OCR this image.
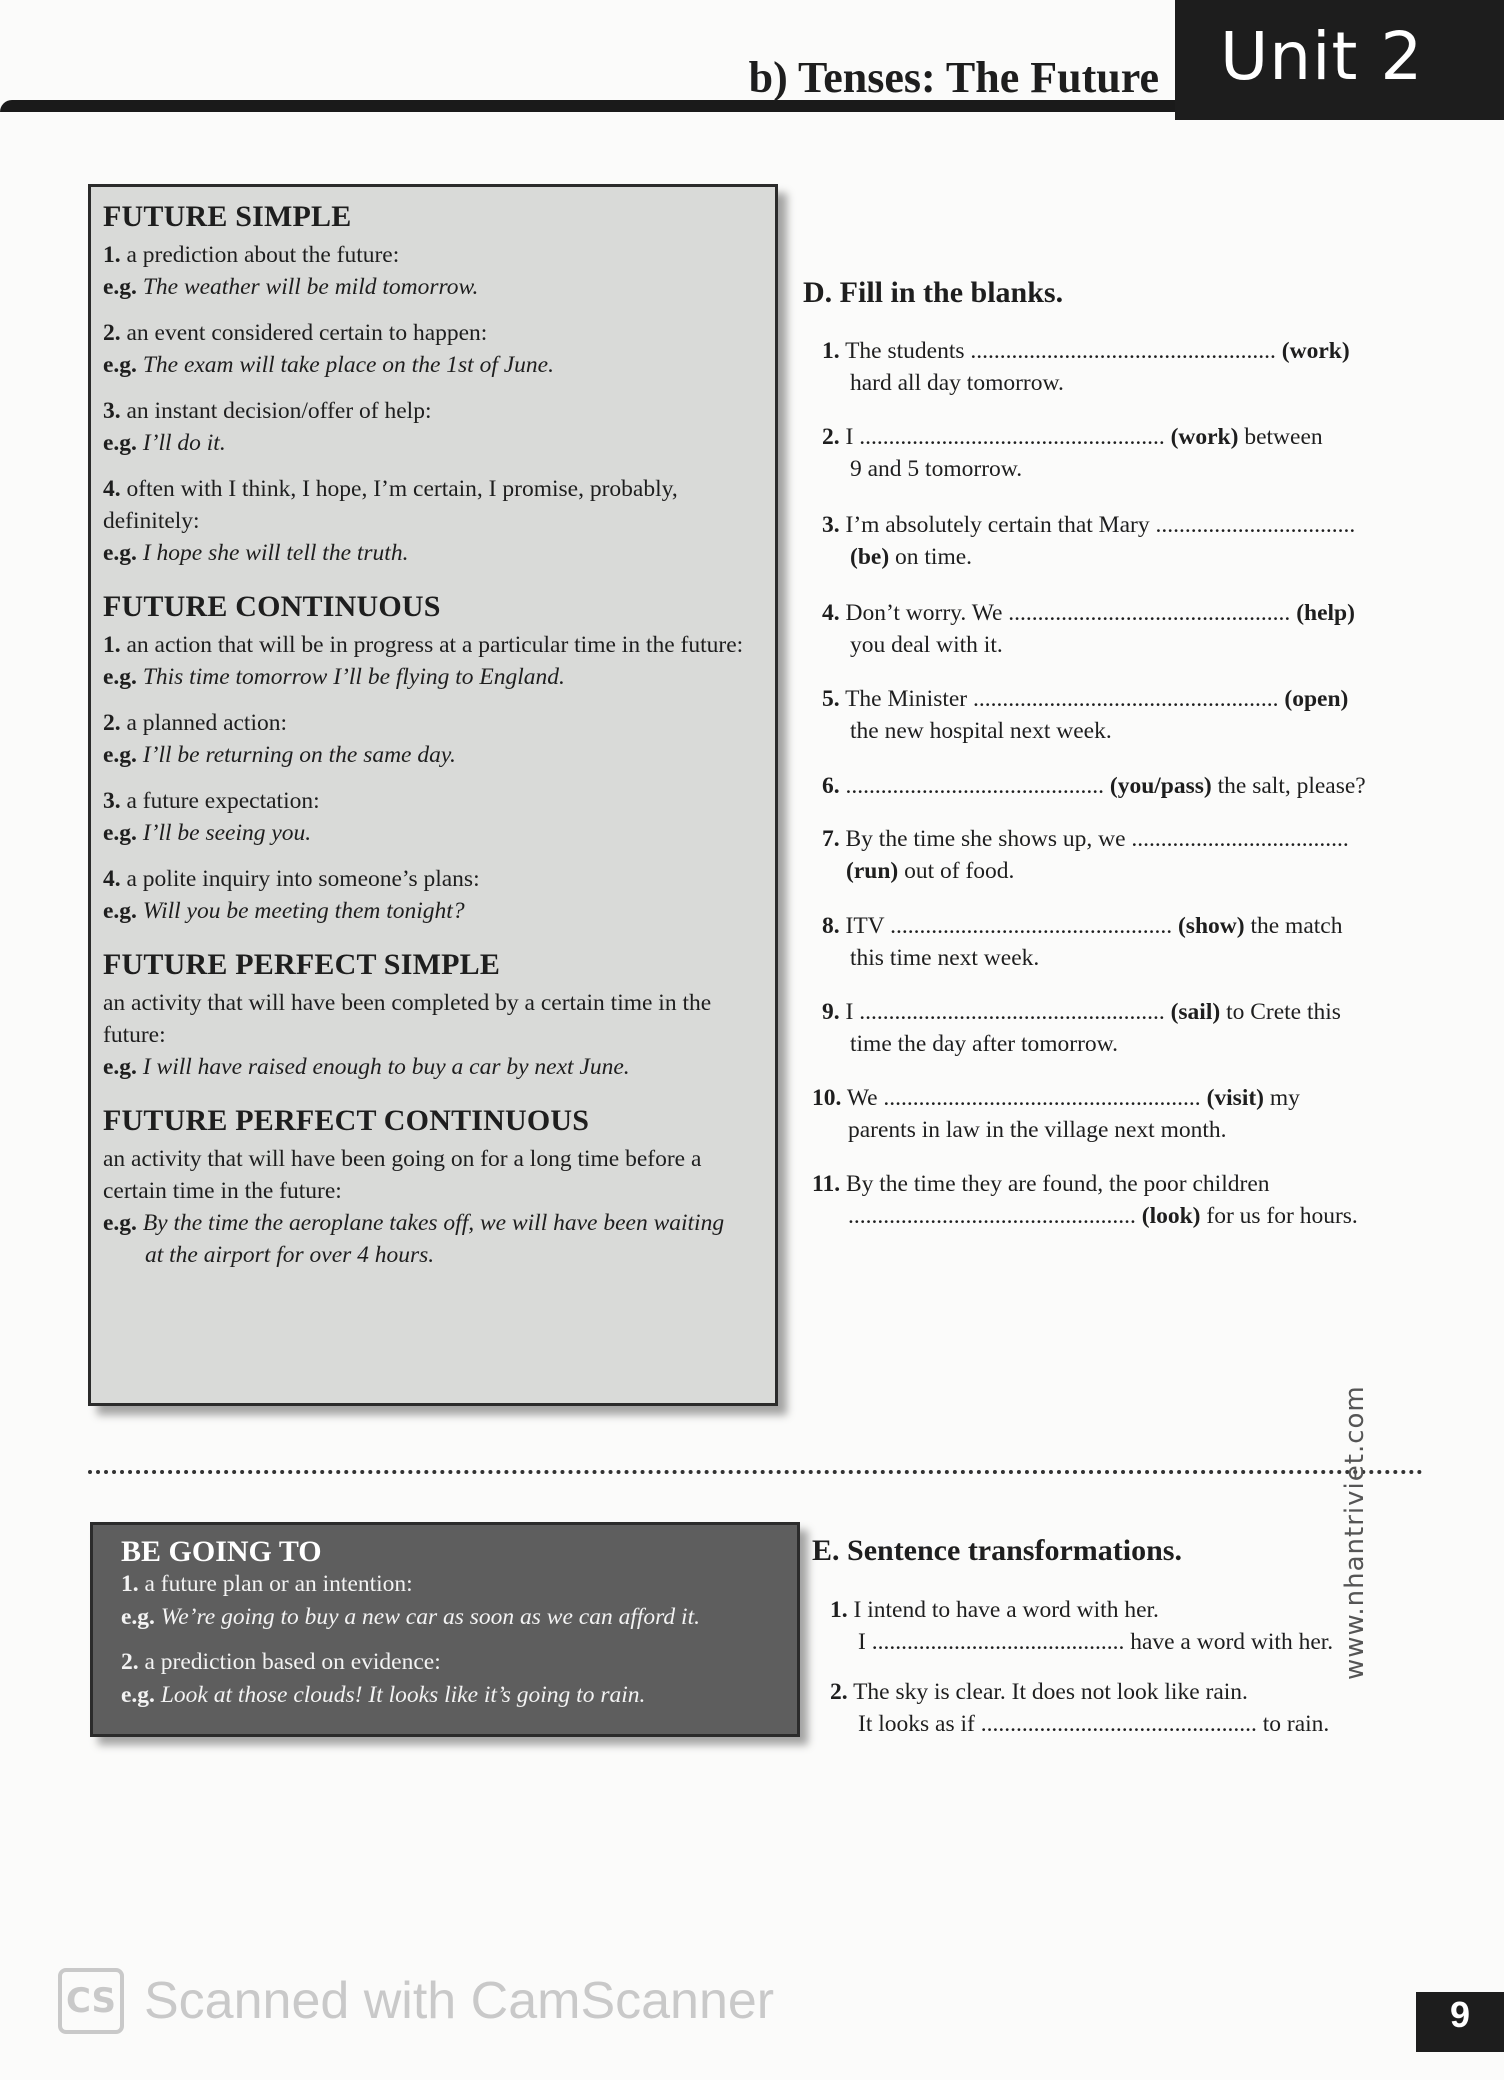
b) Tenses: The Future Unit 2
FUTURE SIMPLE
1. a prediction about the future:
e.g. The weather will be mild tomorrow.
2. an event considered certain to happen:
e.g. The exam will take place on the 1st of June.
3. an instant decision/offer of help:
e.g. I’ll do it.
4. often with I think, I hope, I’m certain, I promise, probably, definitely:
e.g. I hope she will tell the truth.
FUTURE CONTINUOUS
1. an action that will be in progress at a particular time in the future:
e.g. This time tomorrow I’ll be flying to England.
2. a planned action:
e.g. I’ll be returning on the same day.
3. a future expectation:
e.g. I’ll be seeing you.
4. a polite inquiry into someone’s plans:
e.g. Will you be meeting them tonight?
FUTURE PERFECT SIMPLE
an activity that will have been completed by a certain time in the future:
e.g. I will have raised enough to buy a car by next June.
FUTURE PERFECT CONTINUOUS
an activity that will have been going on for a long time before a certain time in the future:
e.g. By the time the aeroplane takes off, we will have been waiting
at the airport for over 4 hours.
D. Fill in the blanks.
1. The students .................................................... (work)
hard all day tomorrow.
2. I .................................................... (work) between
9 and 5 tomorrow.
3. I’m absolutely certain that Mary ..................................
(be) on time.
4. Don’t worry. We ................................................ (help)
you deal with it.
5. The Minister .................................................... (open)
the new hospital next week.
6. ............................................ (you/pass) the salt, please?
7. By the time she shows up, we .....................................
(run) out of food.
8. ITV ................................................ (show) the match
this time next week.
9. I .................................................... (sail) to Crete this
time the day after tomorrow.
10. We ...................................................... (visit) my
parents in law in the village next month.
11. By the time they are found, the poor children
................................................. (look) for us for hours.
BE GOING TO
1. a future plan or an intention:
e.g. We’re going to buy a new car as soon as we can afford it.
2. a prediction based on evidence:
e.g. Look at those clouds! It looks like it’s going to rain.
E. Sentence transformations.
1. I intend to have a word with her.
I ........................................... have a word with her.
2. The sky is clear. It does not look like rain.
It looks as if ............................................... to rain.
www.nhantriviet.com
CS Scanned with CamScanner	9
